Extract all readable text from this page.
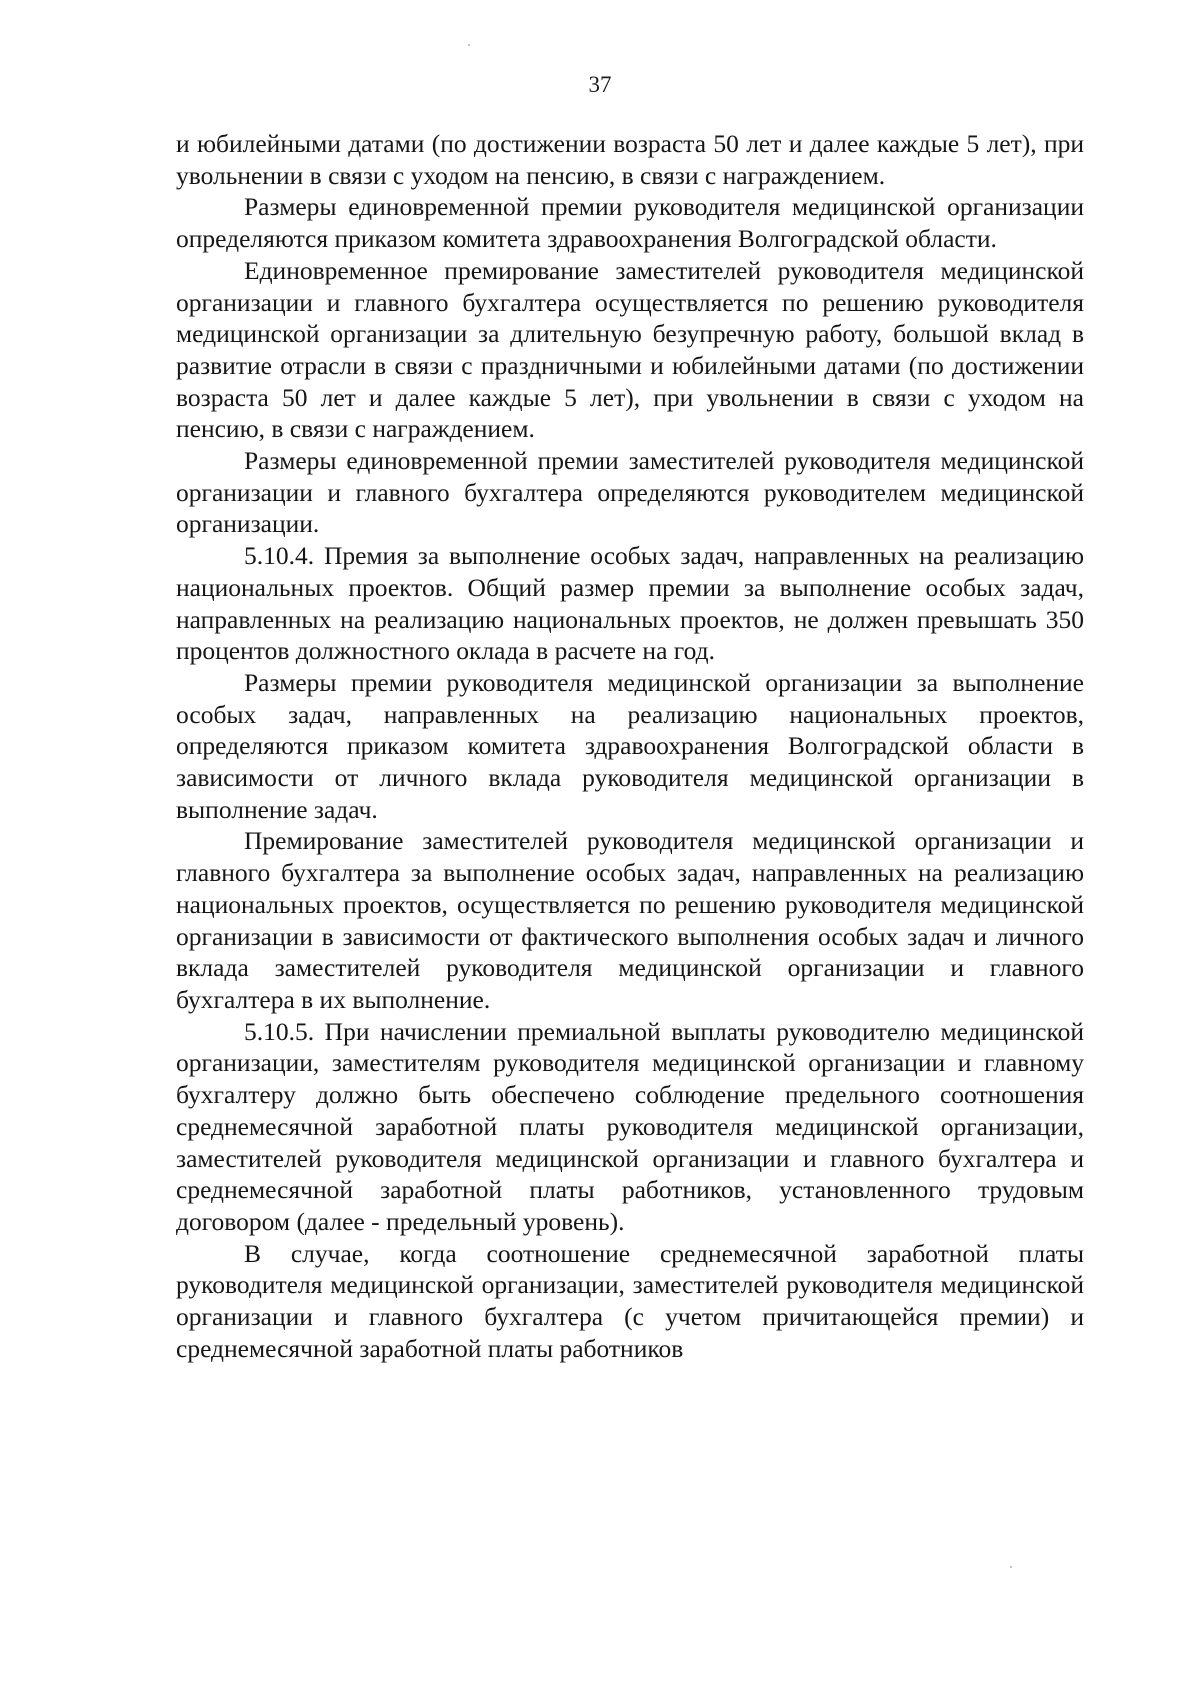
37

и юбилейными датами (по достижении возраста 50 лет и далее каждые 5 лет), при увольнении в связи с уходом на пенсию, в связи с награждением.

Размеры единовременной премии руководителя медицинской организации определяются приказом комитета здравоохранения Волгоградской области.

Единовременное премирование заместителей руководителя медицинской организации и главного бухгалтера осуществляется по решению руководителя медицинской организации за длительную безупречную работу, большой вклад в развитие отрасли в связи с праздничными и юбилейными датами (по достижении возраста 50 лет и далее каждые 5 лет), при увольнении в связи с уходом на пенсию, в связи с награждением.

Размеры единовременной премии заместителей руководителя медицинской организации и главного бухгалтера определяются руководителем медицинской организации.

5.10.4. Премия за выполнение особых задач, направленных на реализацию национальных проектов. Общий размер премии за выполнение особых задач, направленных на реализацию национальных проектов, не должен превышать 350 процентов должностного оклада в расчете на год.

Размеры премии руководителя медицинской организации за выполнение особых задач, направленных на реализацию национальных проектов, определяются приказом комитета здравоохранения Волгоградской области в зависимости от личного вклада руководителя медицинской организации в выполнение задач.

Премирование заместителей руководителя медицинской организации и главного бухгалтера за выполнение особых задач, направленных на реализацию национальных проектов, осуществляется по решению руководителя медицинской организации в зависимости от фактического выполнения особых задач и личного вклада заместителей руководителя медицинской организации и главного бухгалтера в их выполнение.

5.10.5. При начислении премиальной выплаты руководителю медицинской организации, заместителям руководителя медицинской организации и главному бухгалтеру должно быть обеспечено соблюдение предельного соотношения среднемесячной заработной платы руководителя медицинской организации, заместителей руководителя медицинской организации и главного бухгалтера и среднемесячной заработной платы работников, установленного трудовым договором (далее - предельный уровень).

В случае, когда соотношение среднемесячной заработной платы руководителя медицинской организации, заместителей руководителя медицинской организации и главного бухгалтера (с учетом причитающейся премии) и среднемесячной заработной платы работников
